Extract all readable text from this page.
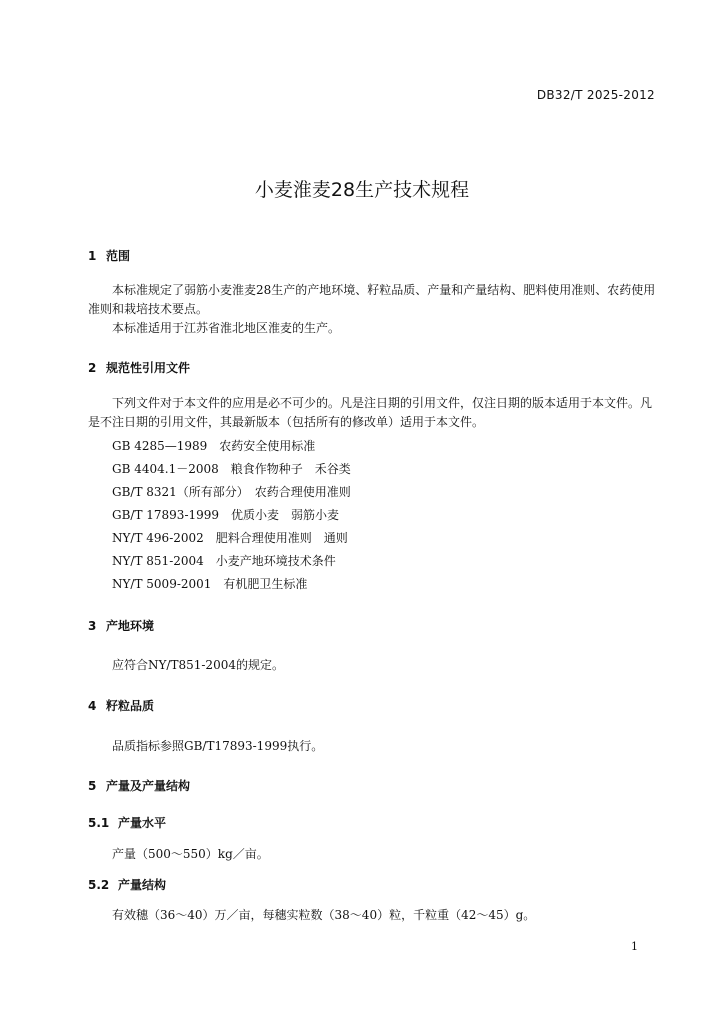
DB32/T 2025-2012
小麦淮麦28生产技术规程
1 范围

本标准规定了弱筋小麦淮麦28生产的产地环境、籽粒品质、产量和产量结构、肥料使用准则、农药使用准则和栽培技术要点。

本标准适用于江苏省淮北地区淮麦的生产。

2 规范性引用文件

下列文件对于本文件的应用是必不可少的。凡是注日期的引用文件，仅注日期的版本适用于本文件。凡是不注日期的引用文件，其最新版本（包括所有的修改单）适用于本文件。

GB 4285—1989　农药安全使用标准

GB 4404.1－2008　粮食作物种子　禾谷类

GB/T 8321（所有部分）　农药合理使用准则

GB/T 17893-1999　优质小麦　弱筋小麦

NY/T 496-2002　肥料合理使用准则　通则

NY/T 851-2004　小麦产地环境技术条件

NY/T 5009-2001　有机肥卫生标准

3 产地环境

应符合NY/T851-2004的规定。

4 籽粒品质

品质指标参照GB/T17893-1999执行。

5 产量及产量结构
5.1 产量水平

产量（500～550）kg／亩。

5.2 产量结构

有效穗（36～40）万／亩，每穗实粒数（38～40）粒，千粒重（42～45）g。

1
